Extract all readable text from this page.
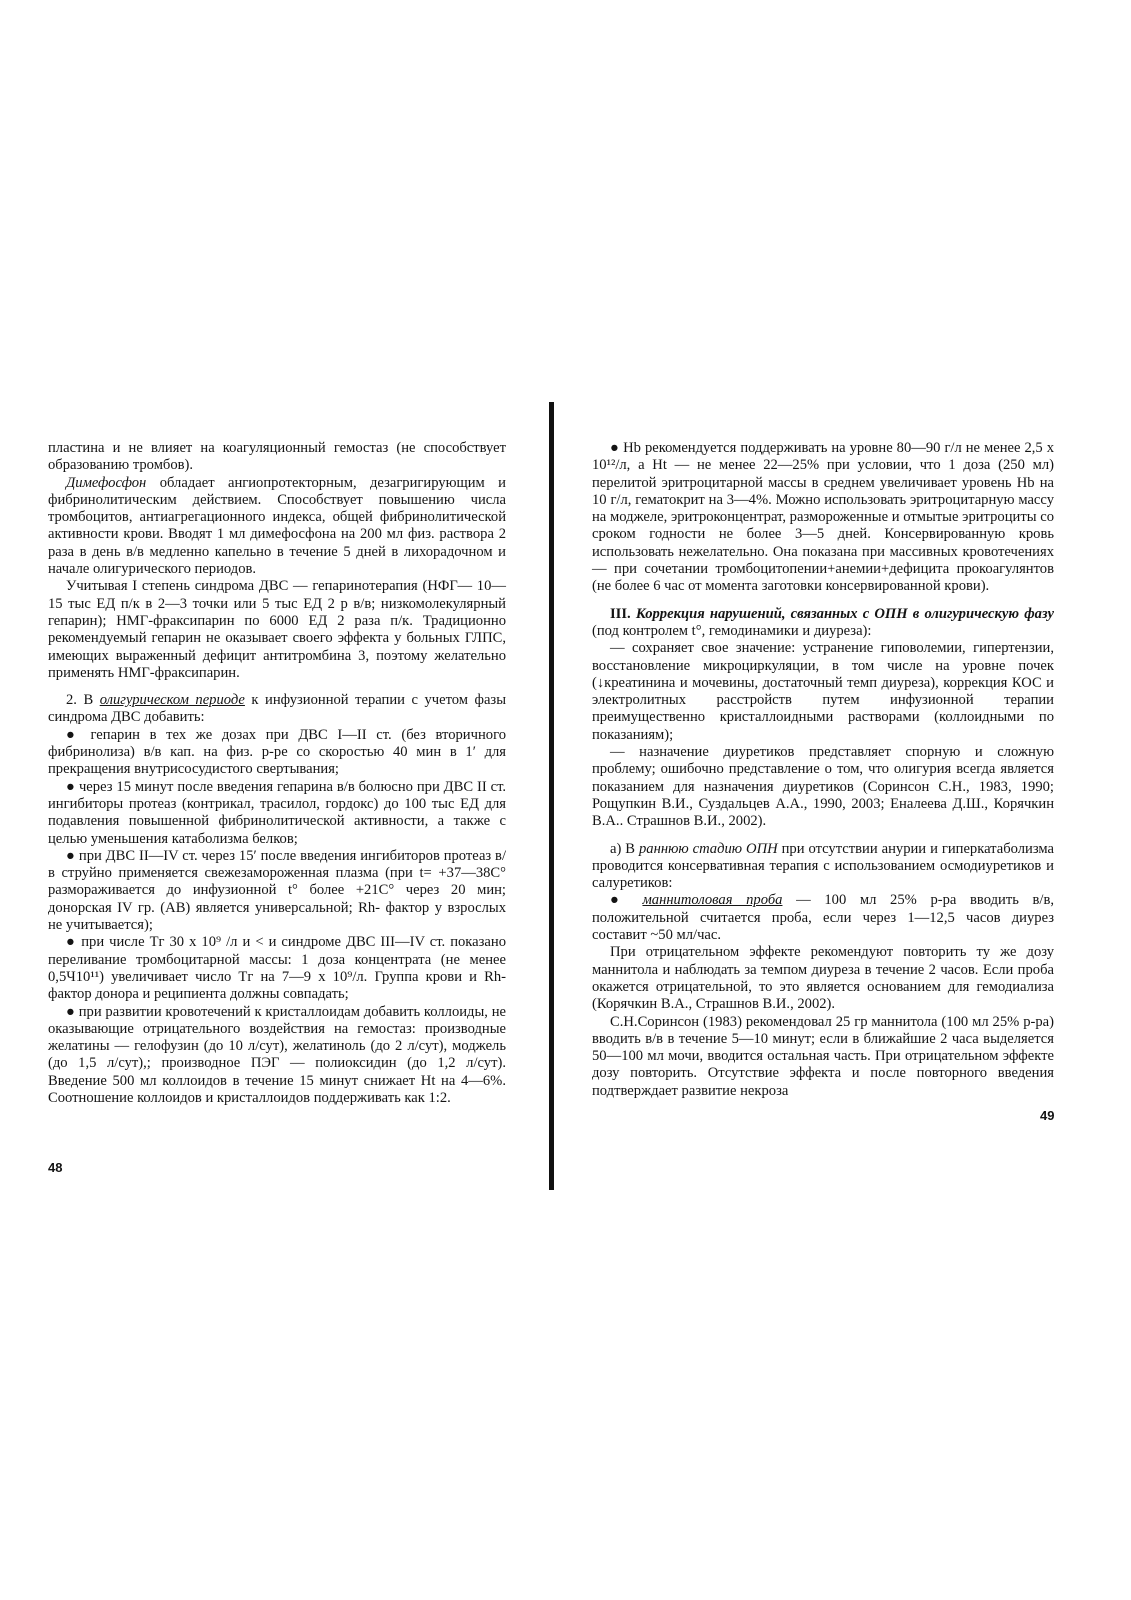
пластина и не влияет на коагуляционный гемостаз (не способствует образованию тромбов).

Димефосфон обладает ангиопротекторным, дезагригирующим и фибринолитическим действием. Способствует повышению числа тромбоцитов, антиагрегационного индекса, общей фибринолитической активности крови. Вводят 1 мл димефосфона на 200 мл физ. раствора 2 раза в день в/в медленно капельно в течение 5 дней в лихорадочном и начале олигурического периодов.

Учитывая I степень синдрома ДВС — гепаринотерапия (НФГ— 10—15 тыс ЕД п/к в 2—3 точки или 5 тыс ЕД 2 р в/в; низкомолекулярный гепарин); НМГ-фраксипарин по 6000 ЕД 2 раза п/к. Традиционно рекомендуемый гепарин не оказывает своего эффекта у больных ГЛПС, имеющих выраженный дефицит антитромбина 3, поэтому желательно применять НМГ-фраксипарин.

2. В олигурическом периоде к инфузионной терапии с учетом фазы синдрома ДВС добавить:

● гепарин в тех же дозах при ДВС I—II ст. (без вторичного фибринолиза) в/в кап. на физ. р-ре со скоростью 40 мин в 1′ для прекращения внутрисосудистого свертывания;

● через 15 минут после введения гепарина в/в болюсно при ДВС II ст. ингибиторы протеаз (контрикал, трасилол, гордокс) до 100 тыс ЕД для подавления повышенной фибринолитической активности, а также с целью уменьшения катаболизма белков;

● при ДВС II—IV ст. через 15′ после введения ингибиторов протеаз в/в струйно применяется свежезамороженная плазма (при t= +37—38С° размораживается до инфузионной t° более +21С° через 20 мин; донорская IV гр. (АВ) является универсальной; Rh- фактор у взрослых не учитывается);

● при числе Тг 30 х 10⁹ /л и < и синдроме ДВС III—IV ст. показано переливание тромбоцитарной массы: 1 доза концентрата (не менее 0,5Ч10¹¹) увеличивает число Тг на 7—9 х 10⁹/л. Группа крови и Rh-фактор донора и реципиента должны совпадать;

● при развитии кровотечений к кристаллоидам добавить коллоиды, не оказывающие отрицательного воздействия на гемостаз: производные желатины — гелофузин (до 10 л/сут), желатиноль (до 2 л/сут), моджель (до 1,5 л/сут),; производное ПЭГ — полиоксидин (до 1,2 л/сут). Введение 500 мл коллоидов в течение 15 минут снижает Ht на 4—6%. Соотношение коллоидов и кристаллоидов поддерживать как 1:2.

48

● Hb рекомендуется поддерживать на уровне 80—90 г/л не менее 2,5 х 10¹²/л, а Ht — не менее 22—25% при условии, что 1 доза (250 мл) перелитой эритроцитарной массы в среднем увеличивает уровень Hb на 10 г/л, гематокрит на 3—4%. Можно использовать эритроцитарную массу на моджеле, эритроконцентрат, размороженные и отмытые эритроциты со сроком годности не более 3—5 дней. Консервированную кровь использовать нежелательно. Она показана при массивных кровотечениях — при сочетании тромбоцитопении+анемии+дефицита прокоагулянтов (не более 6 час от момента заготовки консервированной крови).

III. Коррекция нарушений, связанных с ОПН в олигурическую фазу (под контролем t°, гемодинамики и диуреза):

— сохраняет свое значение: устранение гиповолемии, гипертензии, восстановление микроциркуляции, в том числе на уровне почек (↓креатинина и мочевины, достаточный темп диуреза), коррекция КОС и электролитных расстройств путем инфузионной терапии преимущественно кристаллоидными растворами (коллоидными по показаниям);

— назначение диуретиков представляет спорную и сложную проблему; ошибочно представление о том, что олигурия всегда является показанием для назначения диуретиков (Соринсон С.Н., 1983, 1990; Рощупкин В.И., Суздальцев А.А., 1990, 2003; Еналеева Д.Ш., Корячкин В.А.. Страшнов В.И., 2002).

а) В раннюю стадию ОПН при отсутствии анурии и гиперкатаболизма проводится консервативная терапия с использованием осмодиуретиков и салуретиков:

● маннитоловая проба — 100 мл 25% р-ра вводить в/в, положительной считается проба, если через 1—12,5 часов диурез составит ~50 мл/час.

При отрицательном эффекте рекомендуют повторить ту же дозу маннитола и наблюдать за темпом диуреза в течение 2 часов. Если проба окажется отрицательной, то это является основанием для гемодиализа (Корячкин В.А., Страшнов В.И., 2002).

С.Н.Соринсон (1983) рекомендовал 25 гр маннитола (100 мл 25% р-ра) вводить в/в в течение 5—10 минут; если в ближайшие 2 часа выделяется 50—100 мл мочи, вводится остальная часть. При отрицательном эффекте дозу повторить. Отсутствие эффекта и после повторного введения подтверждает развитие некроза

49
